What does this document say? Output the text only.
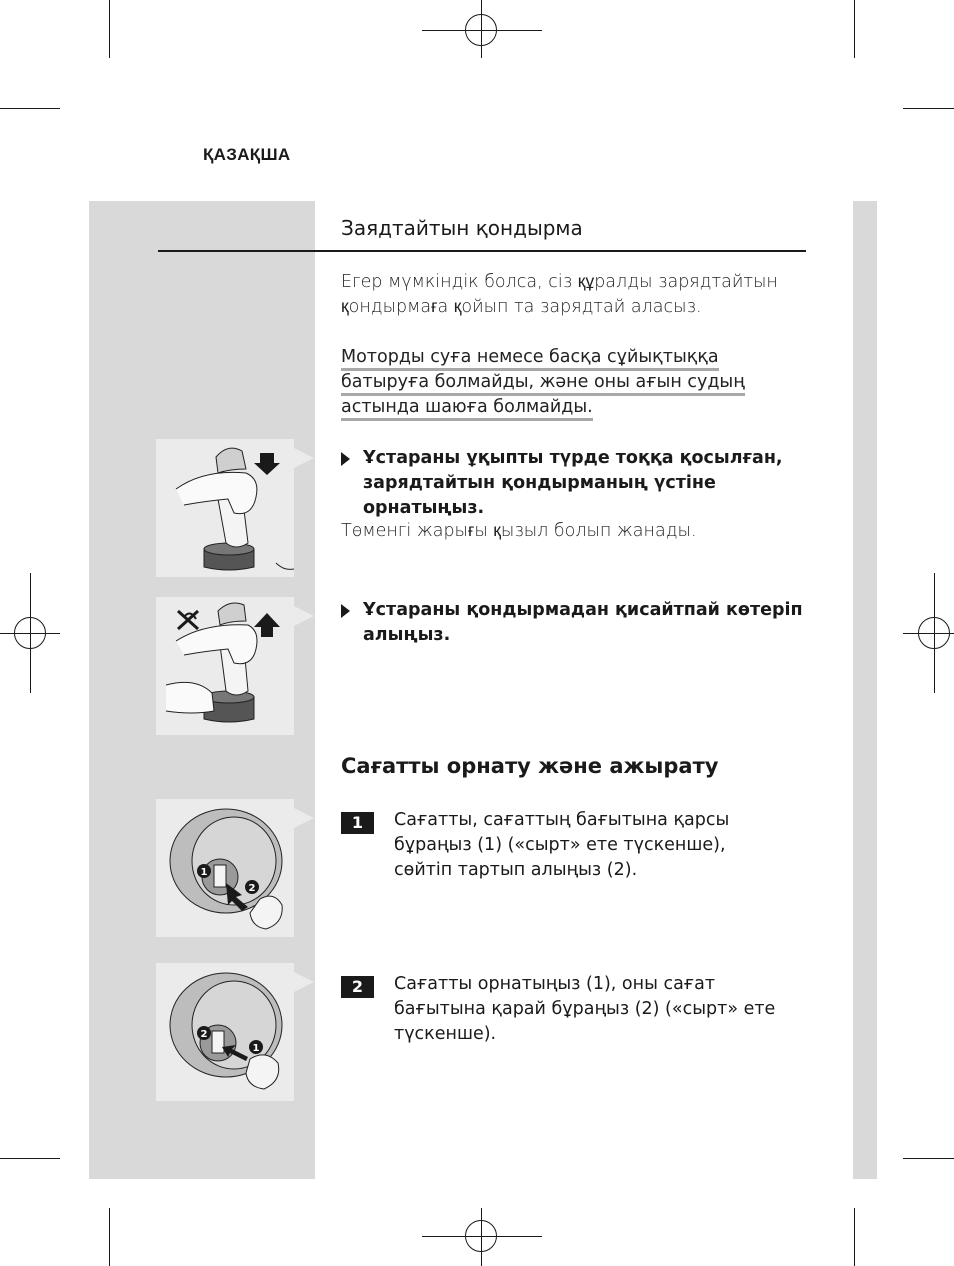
ҚАЗАҚША
Заядтайтын қондырма
Егер мүмкіндік болса, сіз құралды зарядтайтын
қондырмаға қойып та зарядтай аласыз.
Моторды суға немесе басқа сұйықтыққа
батыруға болмайды, және оны ағын судың
астында шаюға болмайды.
Ұстараны ұқыпты түрде тоққа қосылған,
зарядтайтын қондырманың үстіне
орнатыңыз.
Төменгі жарығы қызыл болып жанады.
Ұстараны қондырмадан қисайтпай көтеріп
алыңыз.
Сағатты орнату және ажырату
1
2
1	Сағатты, сағаттың бағытына қарсы
бұраңыз (1) («сырт» ете түскенше),
сөйтіп тартып алыңыз (2).
2
1
2	Сағатты орнатыңыз (1), оны сағат
бағытына қарай бұраңыз (2) («сырт» ете
түскенше).
